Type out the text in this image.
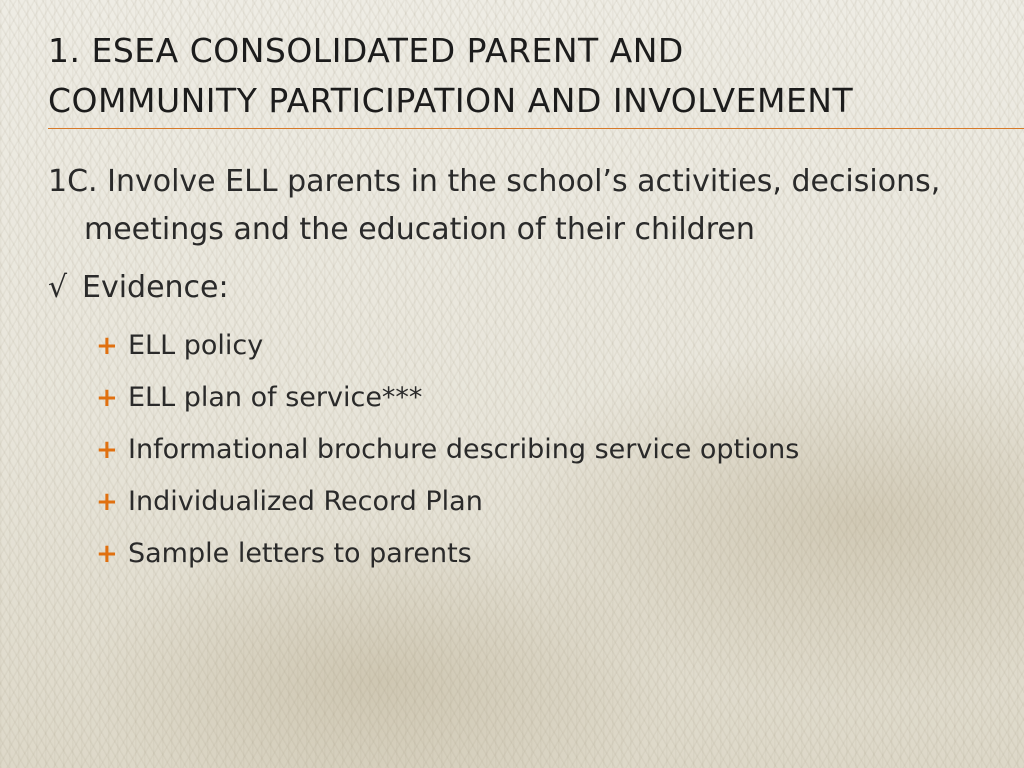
1. ESEA CONSOLIDATED PARENT AND
COMMUNITY PARTICIPATION AND INVOLVEMENT

1C. Involve ELL parents in the school’s activities, decisions, meetings and the education of their children

√ Evidence:

+ ELL policy
+ ELL plan of service***
+ Informational brochure describing service options
+ Individualized Record Plan
+ Sample letters to parents
